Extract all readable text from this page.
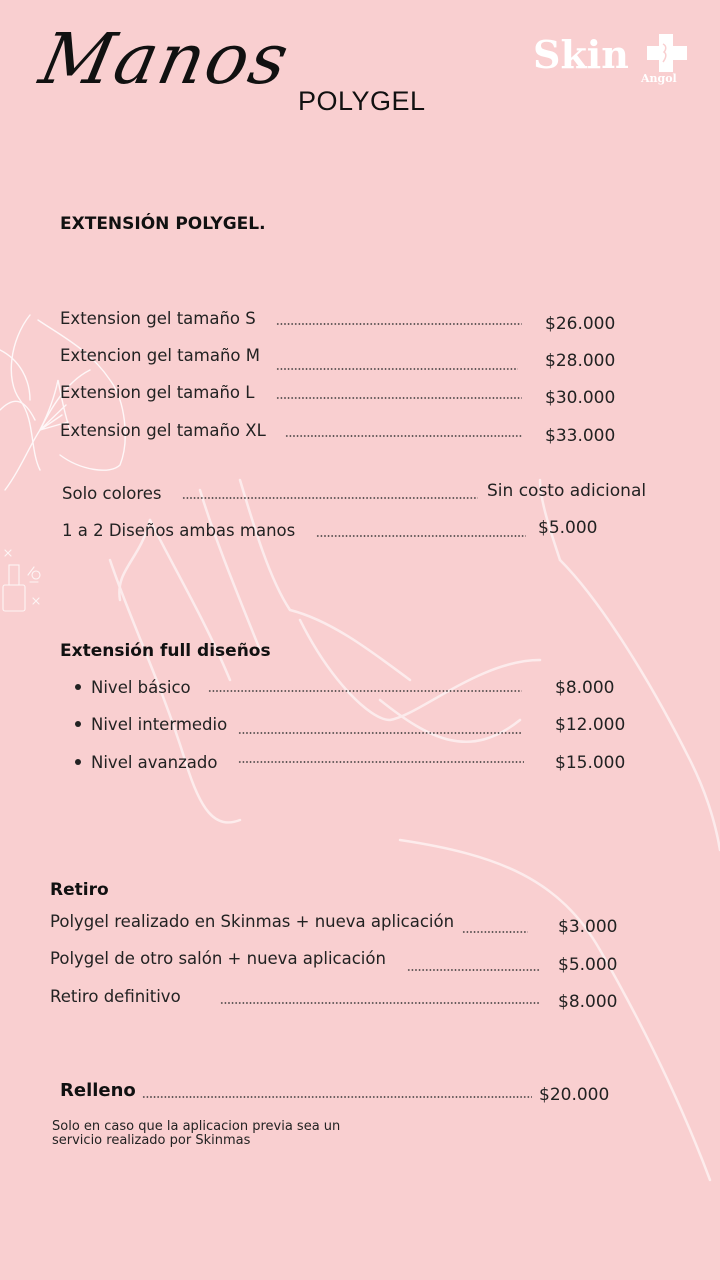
Manos
POLYGEL
Skin
Angol
EXTENSIÓN POLYGEL.
Extension gel tamaño S	$26.000
Extencion gel tamaño M	$28.000
Extension gel tamaño L	$30.000
Extension gel tamaño XL	$33.000
Solo colores	Sin costo adicional
1 a 2 Diseños ambas manos	$5.000
Extensión full diseños
Nivel básico	$8.000
Nivel intermedio	$12.000
Nivel avanzado	$15.000
Retiro
Polygel realizado en Skinmas + nueva aplicación	$3.000
Polygel de otro salón + nueva aplicación	$5.000
Retiro definitivo	$8.000
Relleno	$20.000
Solo en caso que la aplicacion previa sea un servicio realizado por Skinmas
